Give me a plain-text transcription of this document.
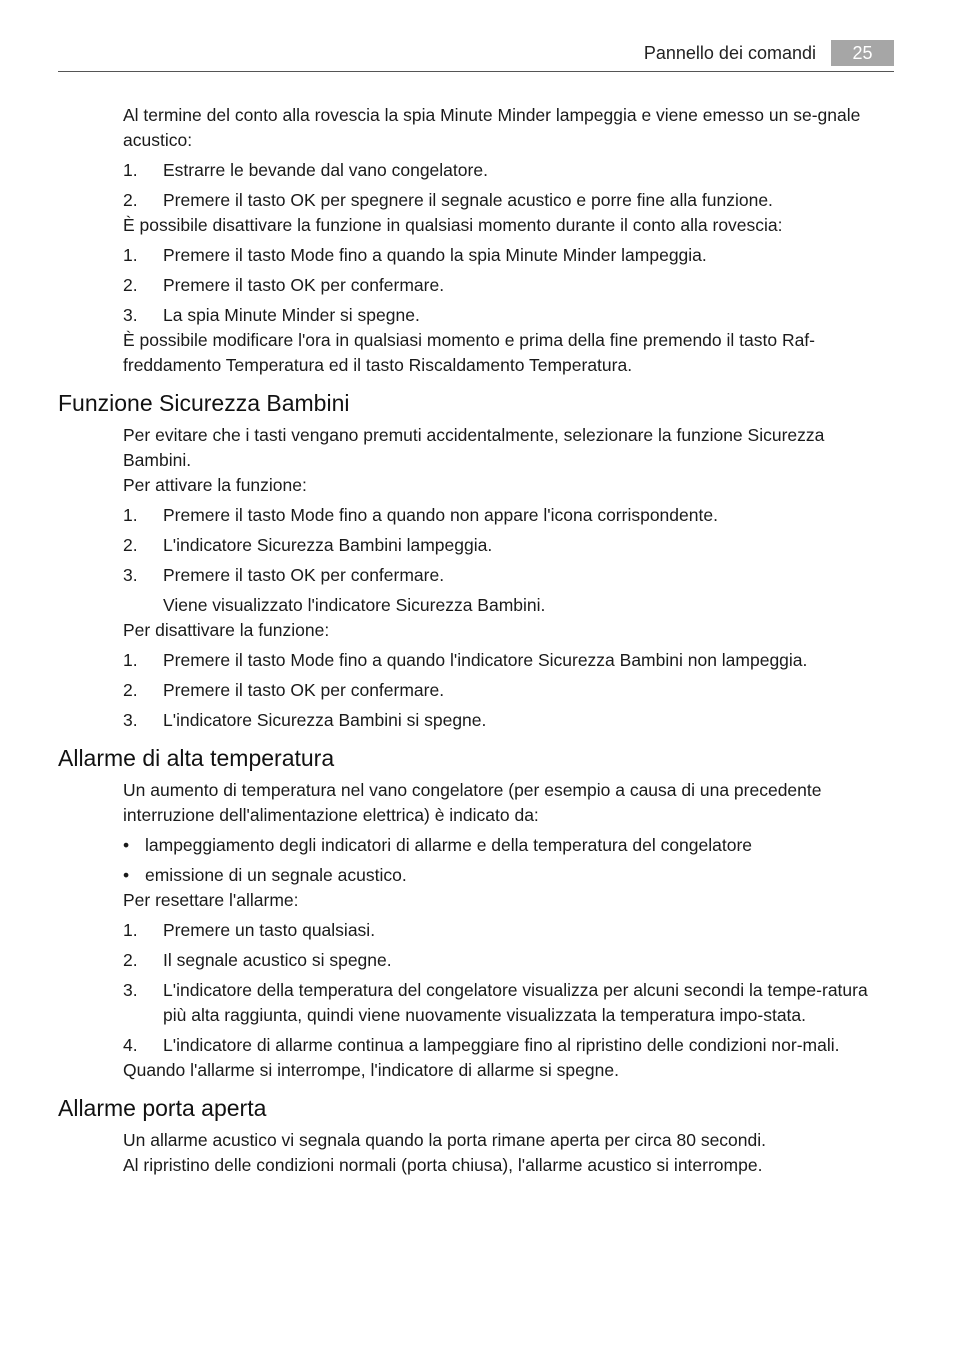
Pannello dei comandi	25

Al termine del conto alla rovescia la spia Minute Minder lampeggia e viene emesso un se-gnale acustico:

1. Estrarre le bevande dal vano congelatore.
2. Premere il tasto OK per spegnere il segnale acustico e porre fine alla funzione.

È possibile disattivare la funzione in qualsiasi momento durante il conto alla rovescia:

1. Premere il tasto Mode fino a quando la spia Minute Minder lampeggia.
2. Premere il tasto OK per confermare.
3. La spia Minute Minder si spegne.

È possibile modificare l'ora in qualsiasi momento e prima della fine premendo il tasto Raf-freddamento Temperatura ed il tasto Riscaldamento Temperatura.

Funzione Sicurezza Bambini

Per evitare che i tasti vengano premuti accidentalmente, selezionare la funzione Sicurezza Bambini.

Per attivare la funzione:

1. Premere il tasto Mode fino a quando non appare l'icona corrispondente.
2. L'indicatore Sicurezza Bambini lampeggia.
3. Premere il tasto OK per confermare.
Viene visualizzato l'indicatore Sicurezza Bambini.

Per disattivare la funzione:

1. Premere il tasto Mode fino a quando l'indicatore Sicurezza Bambini non lampeggia.
2. Premere il tasto OK per confermare.
3. L'indicatore Sicurezza Bambini si spegne.
Allarme di alta temperatura

Un aumento di temperatura nel vano congelatore (per esempio a causa di una precedente interruzione dell'alimentazione elettrica) è indicato da:

• lampeggiamento degli indicatori di allarme e della temperatura del congelatore
• emissione di un segnale acustico.

Per resettare l'allarme:

1. Premere un tasto qualsiasi.
2. Il segnale acustico si spegne.
3. L'indicatore della temperatura del congelatore visualizza per alcuni secondi la tempe-ratura più alta raggiunta, quindi viene nuovamente visualizzata la temperatura impo-stata.
4. L'indicatore di allarme continua a lampeggiare fino al ripristino delle condizioni nor-mali.

Quando l'allarme si interrompe, l'indicatore di allarme si spegne.

Allarme porta aperta

Un allarme acustico vi segnala quando la porta rimane aperta per circa 80 secondi.

Al ripristino delle condizioni normali (porta chiusa), l'allarme acustico si interrompe.
